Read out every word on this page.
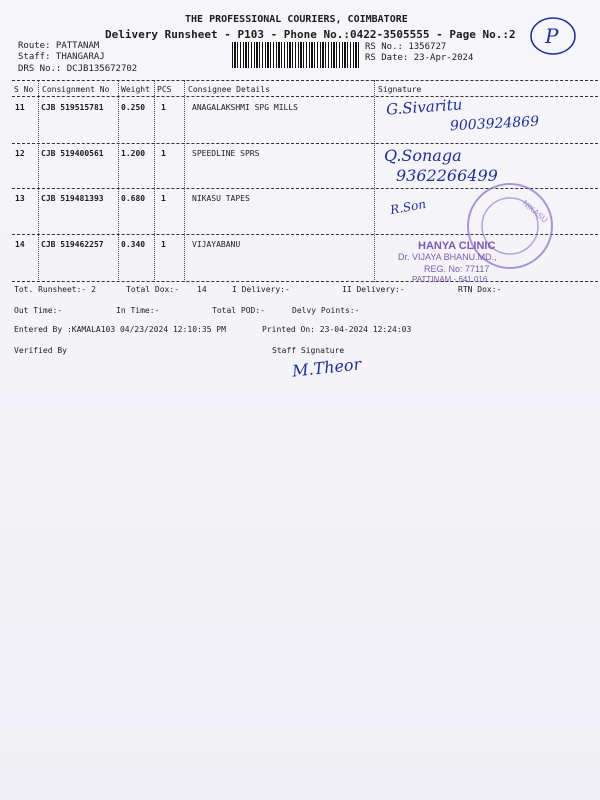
THE PROFESSIONAL COURIERS, COIMBATORE
Delivery Runsheet - P103 - Phone No.:0422-3505555 - Page No.:2
Route: PATTANAM
Staff: THANGARAJ
DRS No.: DCJB135672702
RS No.: 1356727
RS Date: 23-Apr-2024
P
S No Consignment No Weight PCS Consignee Details	Signature
11 CJB 519515781 0.250 1	ANAGALAKSHMI SPG MILLS
12 CJB 519400561 1.200 1	SPEEDLINE SPRS
13 CJB 519481393 0.680 1	NIKASU TAPES
14 CJB 519462257 0.340 1	VIJAYABANU
G.Sivaritu
9003924869
Q.Sonaga
9362266499
R.Son	NIKASU
HANYA CLINIC
Dr. VIJAYA BHANU.MD.,
REG. No: 77117
PATTINAM - 641 016
Tot. Runsheet:- 2	Total Dox:- 14	I Delivery:-	II Delivery:-	RTN Dox:-
Out Time:-	In Time:-	Total POD:-	Delvy Points:-
Entered By :KAMALA103 04/23/2024 12:10:35 PM	Printed On: 23-04-2024 12:24:03
Verified By	Staff Signature
M.Theor
